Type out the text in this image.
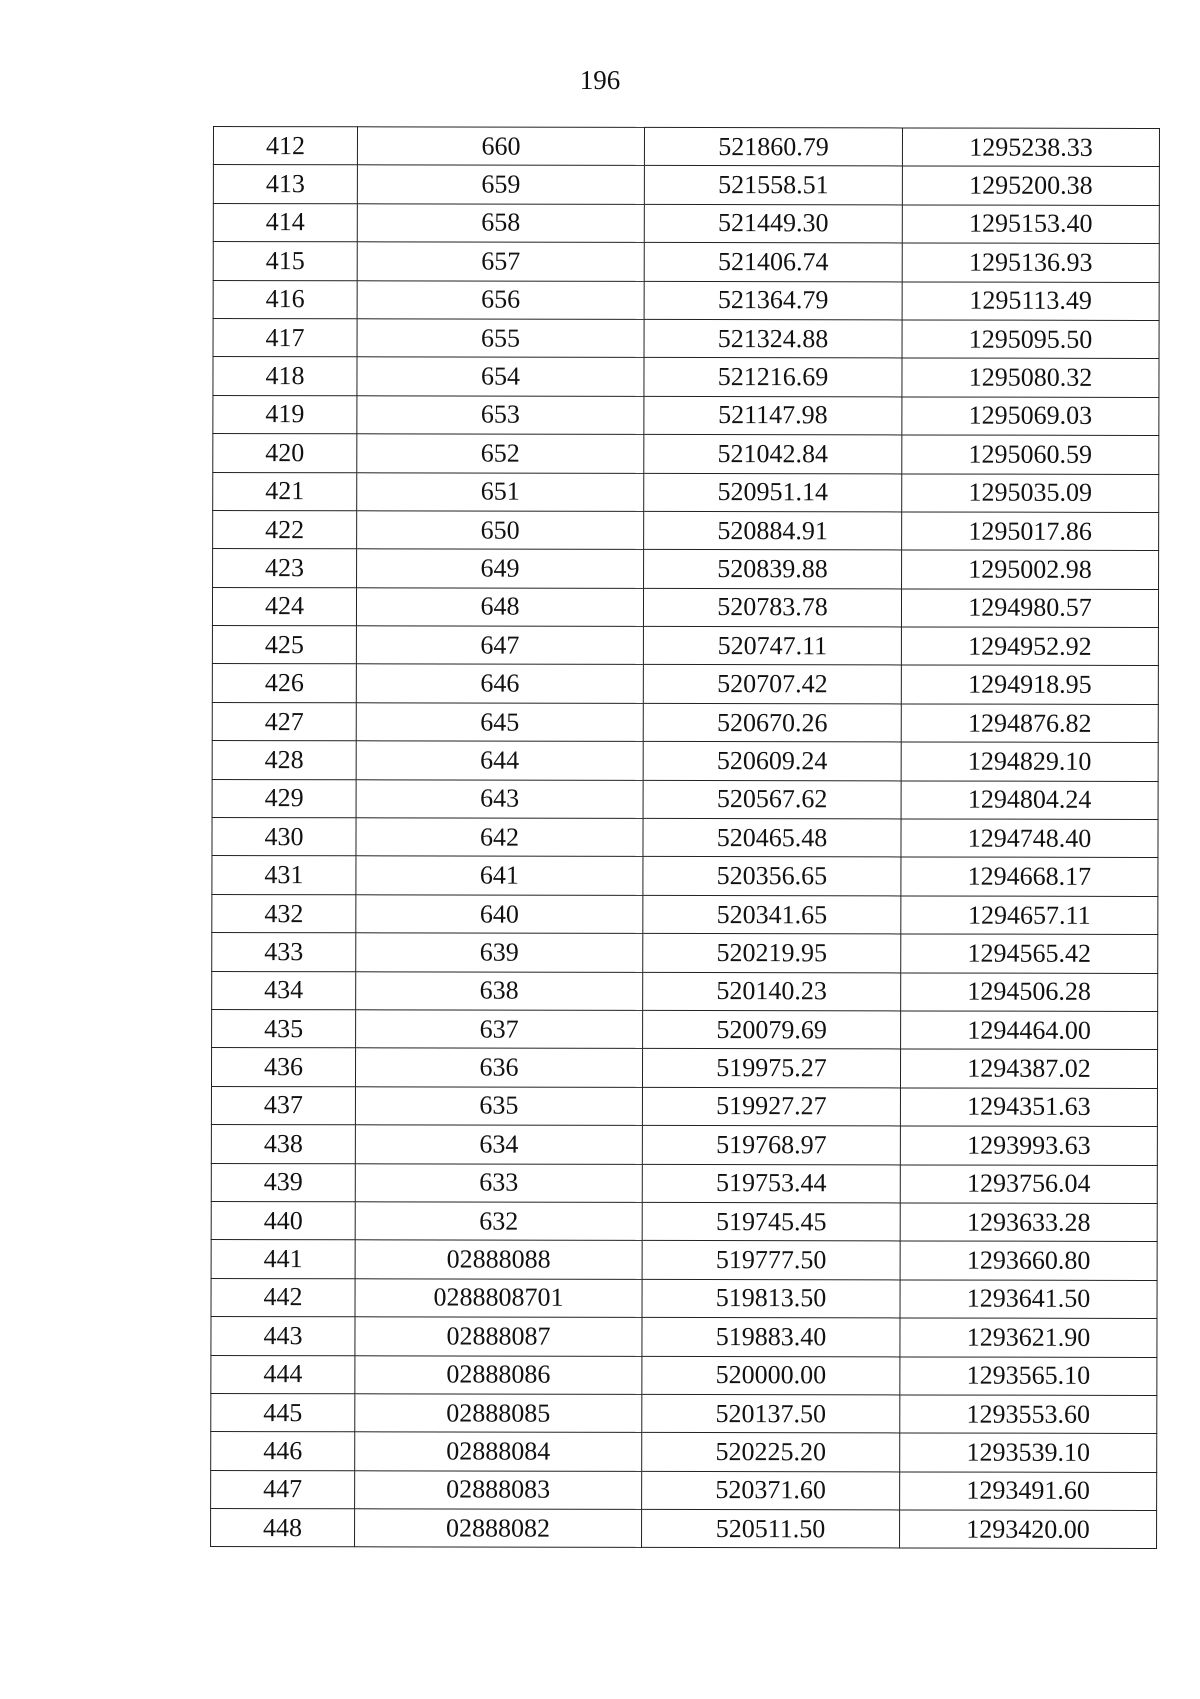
196
412	660	521860.79	1295238.33
413	659	521558.51	1295200.38
414	658	521449.30	1295153.40
415	657	521406.74	1295136.93
416	656	521364.79	1295113.49
417	655	521324.88	1295095.50
418	654	521216.69	1295080.32
419	653	521147.98	1295069.03
420	652	521042.84	1295060.59
421	651	520951.14	1295035.09
422	650	520884.91	1295017.86
423	649	520839.88	1295002.98
424	648	520783.78	1294980.57
425	647	520747.11	1294952.92
426	646	520707.42	1294918.95
427	645	520670.26	1294876.82
428	644	520609.24	1294829.10
429	643	520567.62	1294804.24
430	642	520465.48	1294748.40
431	641	520356.65	1294668.17
432	640	520341.65	1294657.11
433	639	520219.95	1294565.42
434	638	520140.23	1294506.28
435	637	520079.69	1294464.00
436	636	519975.27	1294387.02
437	635	519927.27	1294351.63
438	634	519768.97	1293993.63
439	633	519753.44	1293756.04
440	632	519745.45	1293633.28
441	02888088	519777.50	1293660.80
442	0288808701	519813.50	1293641.50
443	02888087	519883.40	1293621.90
444	02888086	520000.00	1293565.10
445	02888085	520137.50	1293553.60
446	02888084	520225.20	1293539.10
447	02888083	520371.60	1293491.60
448	02888082	520511.50	1293420.00
